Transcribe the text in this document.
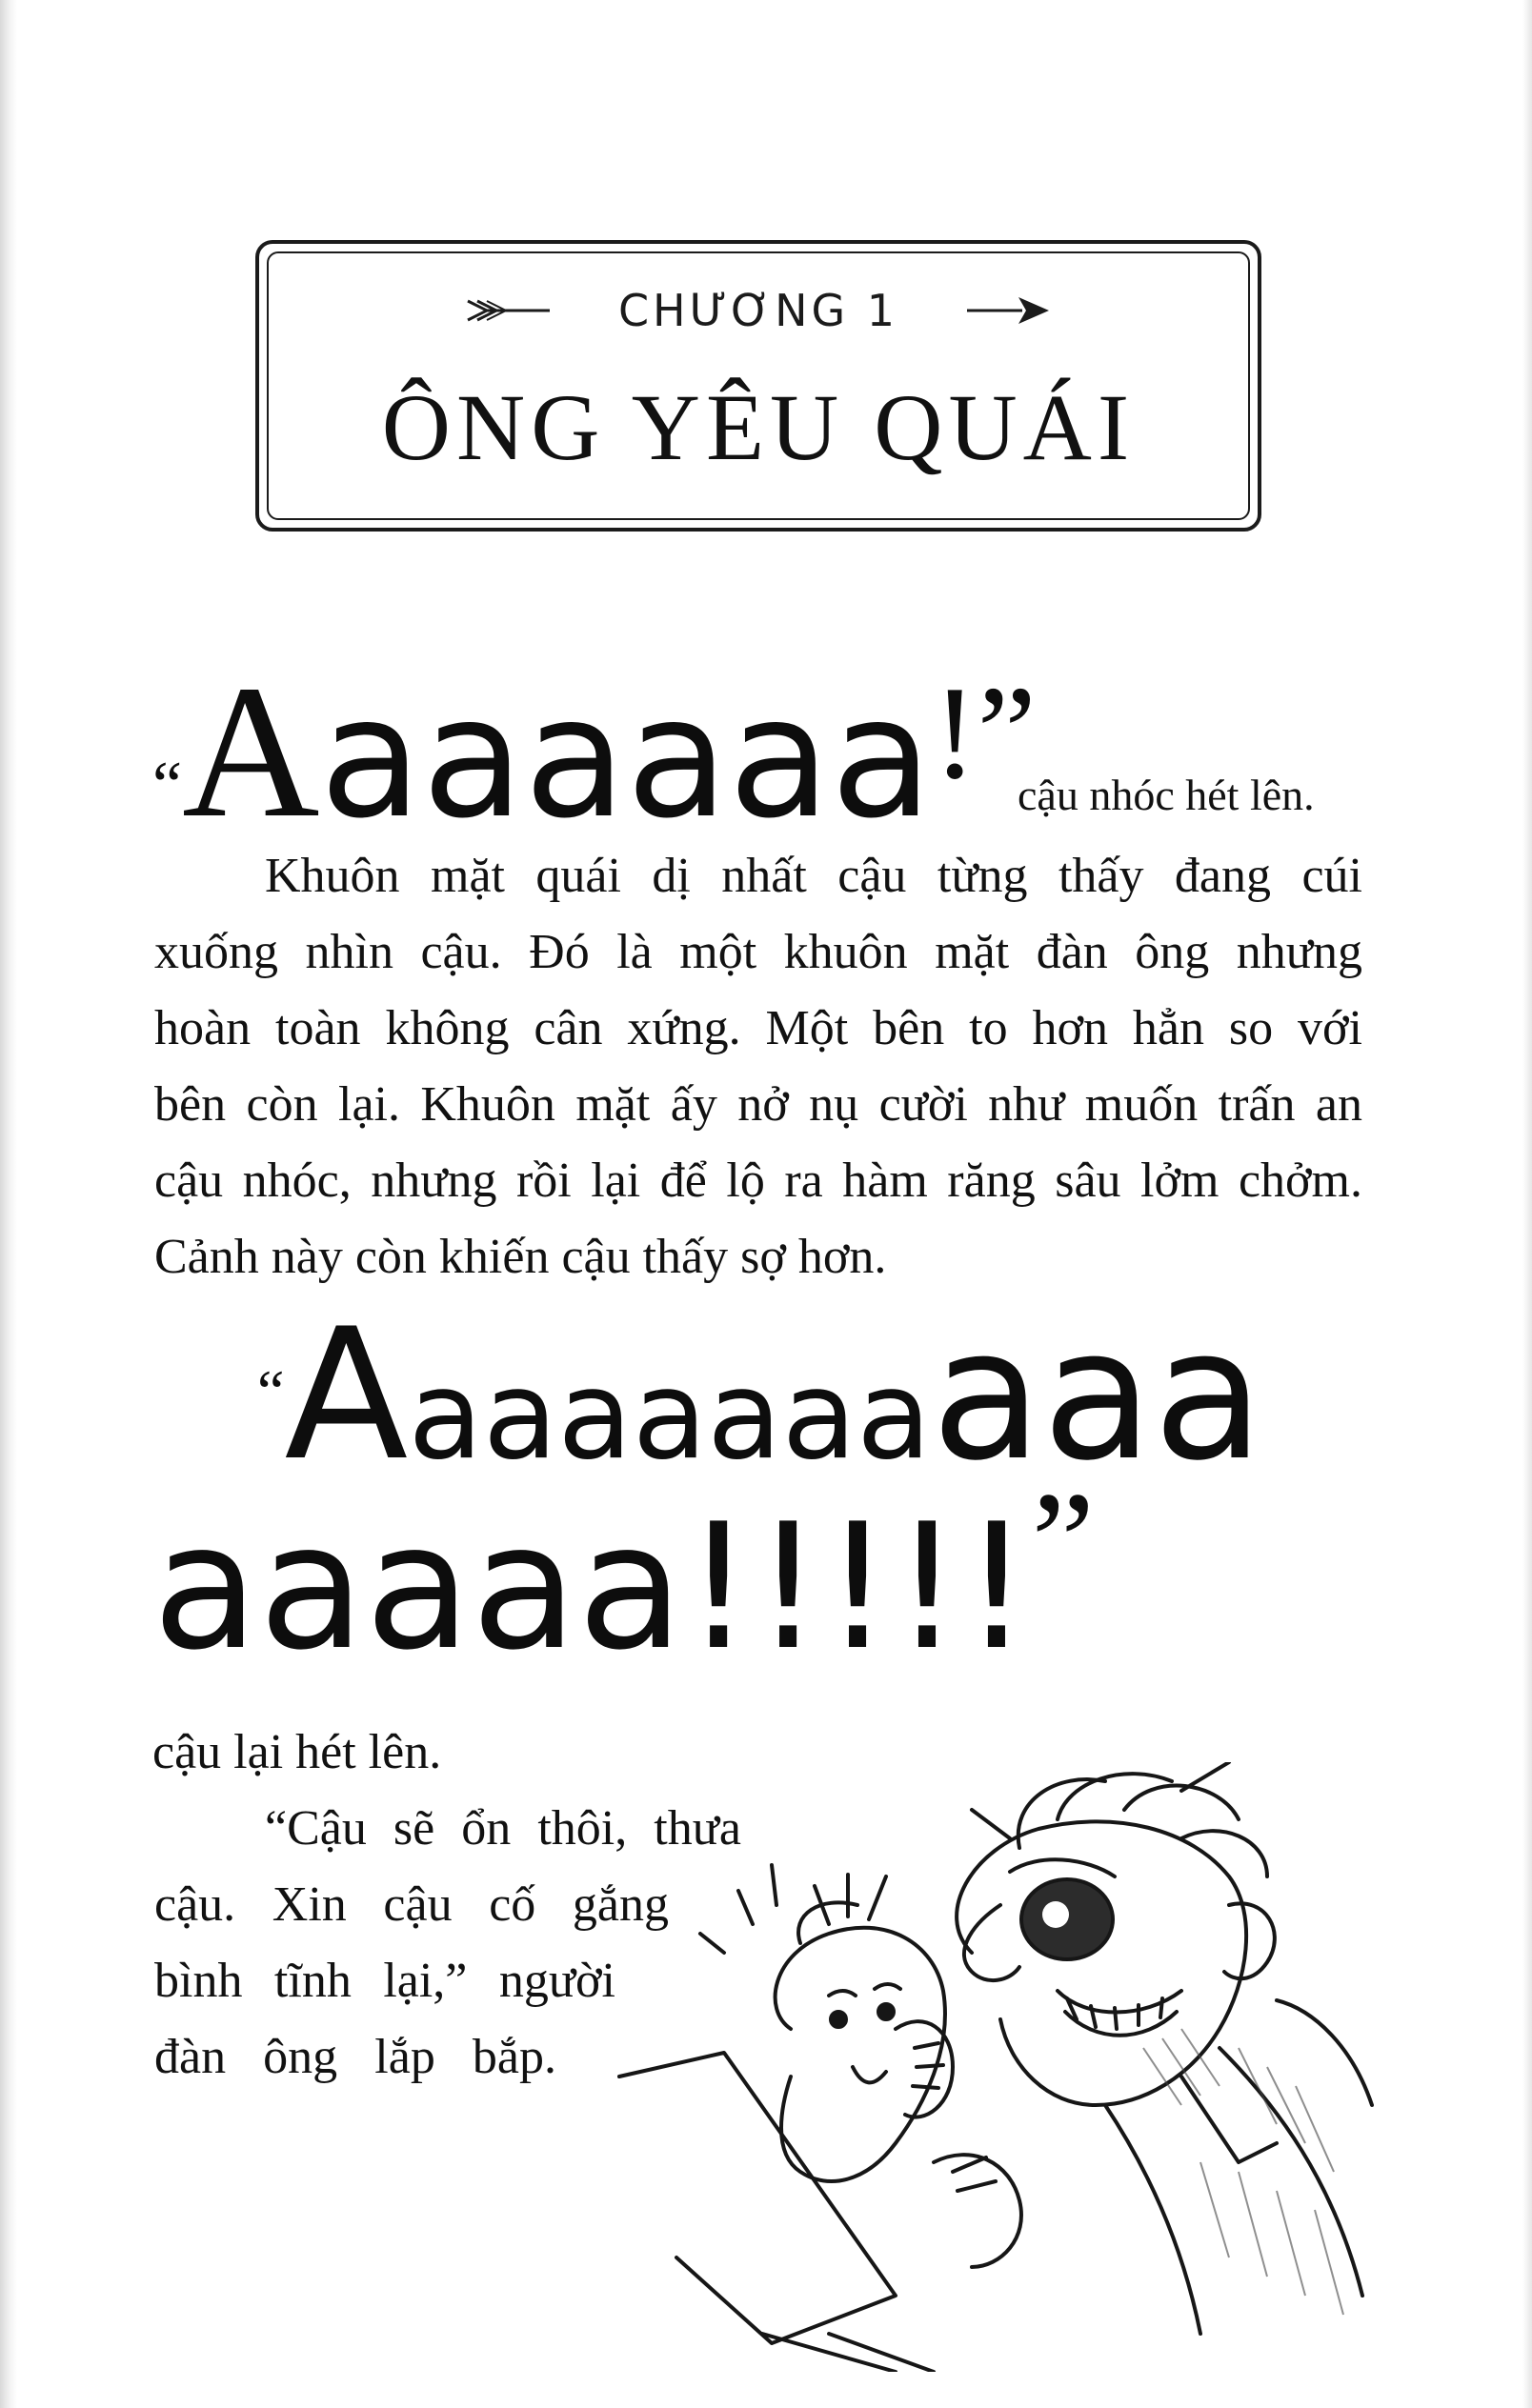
CHƯƠNG 1
ÔNG YÊU QUÁI
“Aaaaaaa!”

cậu nhóc hét lên.

Khuôn mặt quái dị nhất cậu từng thấy đang cúi

xuống nhìn cậu. Đó là một khuôn mặt đàn ông nhưng

hoàn toàn không cân xứng. Một bên to hơn hẳn so với

bên còn lại. Khuôn mặt ấy nở nụ cười như muốn trấn an

cậu nhóc, nhưng rồi lại để lộ ra hàm răng sâu lởm chởm.

Cảnh này còn khiến cậu thấy sợ hơn.

“Aaaaaaaaaaa
aaaaa!!!!!”

cậu lại hét lên.

“Cậu sẽ ổn thôi, thưa

cậu. Xin cậu cố gắng

bình tĩnh lại,” người

đàn ông lắp bắp.
